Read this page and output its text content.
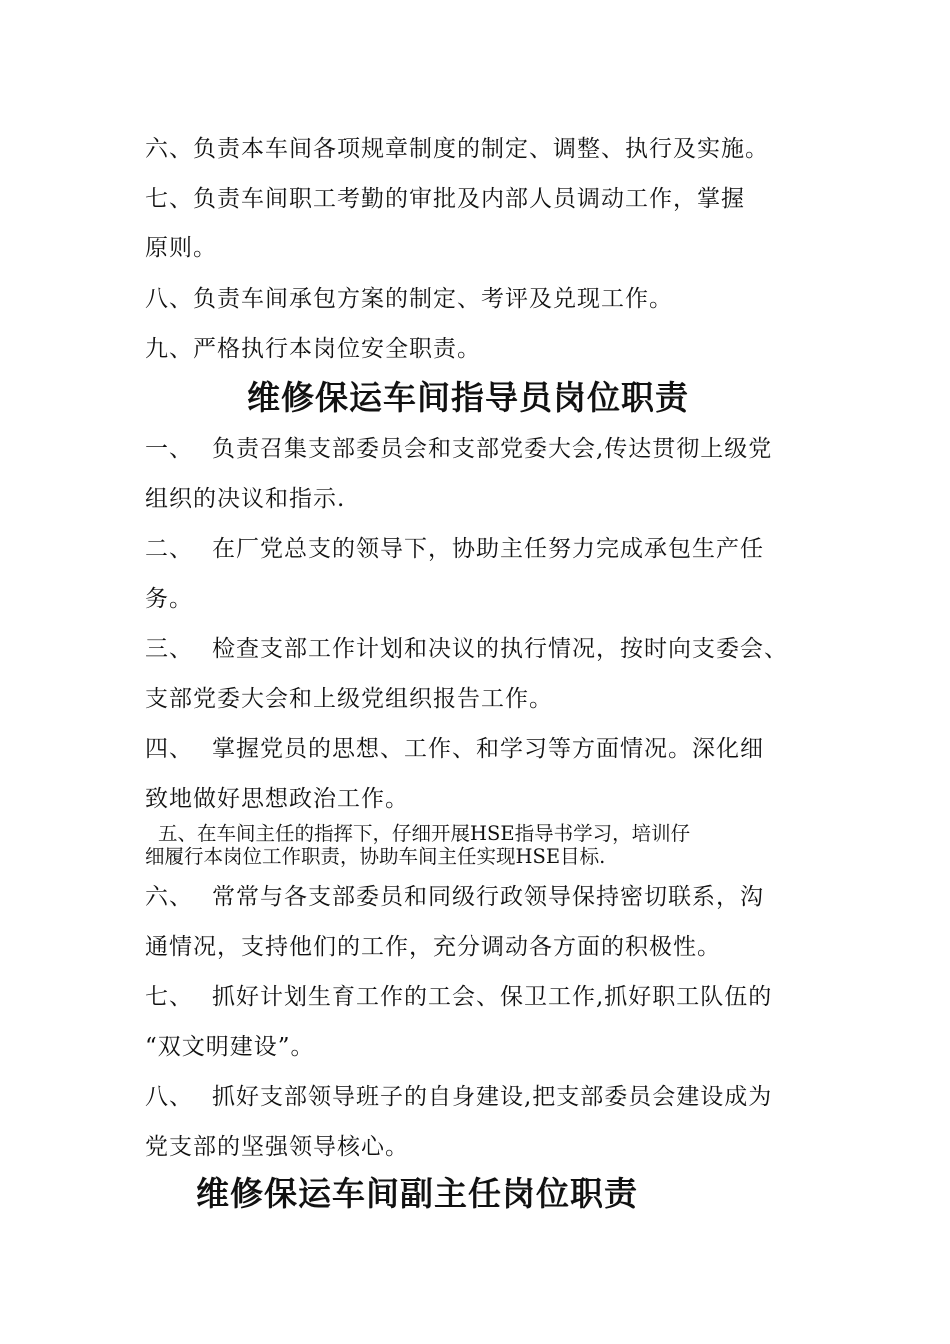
六、负责本车间各项规章制度的制定、调整、执行及实施。
七、负责车间职工考勤的审批及内部人员调动工作，掌握
原则。
八、负责车间承包方案的制定、考评及兑现工作。
九、严格执行本岗位安全职责。
维修保运车间指导员岗位职责
一、 负责召集支部委员会和支部党委大会,传达贯彻上级党
组织的决议和指示.
二、 在厂党总支的领导下，协助主任努力完成承包生产任
务。
三、 检查支部工作计划和决议的执行情况，按时向支委会、
支部党委大会和上级党组织报告工作。
四、 掌握党员的思想、工作、和学习等方面情况。深化细
致地做好思想政治工作。
五、在车间主任的指挥下，仔细开展HSE指导书学习，培训仔
细履行本岗位工作职责，协助车间主任实现HSE目标.
六、 常常与各支部委员和同级行政领导保持密切联系，沟
通情况，支持他们的工作，充分调动各方面的积极性。
七、 抓好计划生育工作的工会、保卫工作,抓好职工队伍的
“双文明建设”。
八、 抓好支部领导班子的自身建设,把支部委员会建设成为
党支部的坚强领导核心。
维修保运车间副主任岗位职责
